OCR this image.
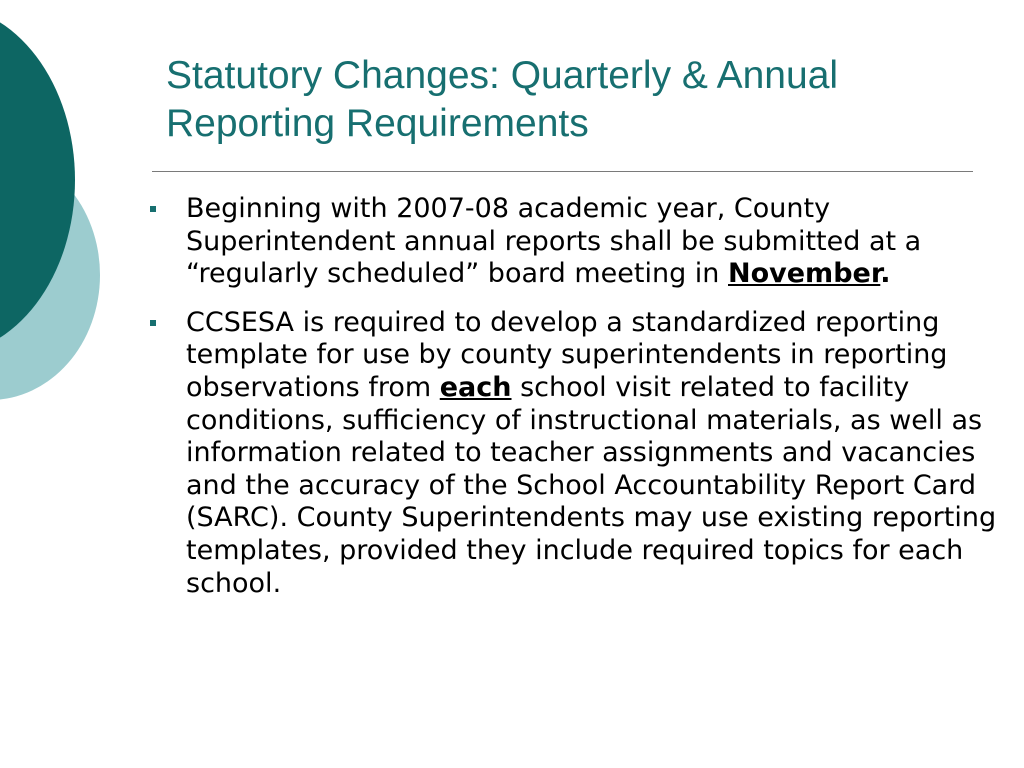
Statutory Changes: Quarterly & Annual
Reporting Requirements
Beginning with 2007-08 academic year, County Superintendent annual reports shall be submitted at a “regularly scheduled” board meeting in November.
CCSESA is required to develop a standardized reporting template for use by county superintendents in reporting observations from each school visit related to facility conditions, sufficiency of instructional materials, as well as information related to teacher assignments and vacancies and the accuracy of the School Accountability Report Card (SARC). County Superintendents may use existing reporting templates, provided they include required topics for each school.
